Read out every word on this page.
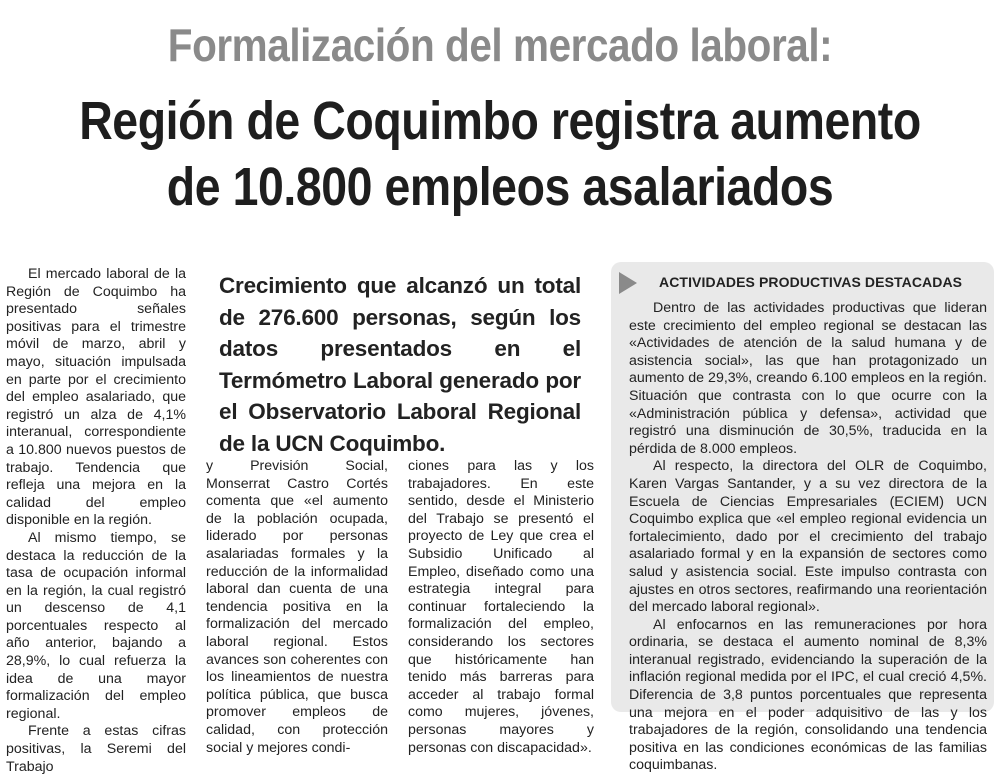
Formalización del mercado laboral:
Región de Coquimbo registra aumento
de 10.800 empleos asalariados

El mercado laboral de la Región de Coquimbo ha presentado señales positivas para el trimestre móvil de marzo, abril y mayo, situación impulsada en parte por el crecimiento del empleo asalariado, que registró un alza de 4,1% interanual, correspondiente a 10.800 nuevos puestos de trabajo. Tendencia que refleja una mejora en la calidad del empleo disponible en la región.

Al mismo tiempo, se destaca la reducción de la tasa de ocupación informal en la región, la cual registró un descenso de 4,1 porcentuales respecto al año anterior, bajando a 28,9%, lo cual refuerza la idea de una mayor formalización del empleo regional.

Frente a estas cifras positivas, la Seremi del Trabajo

Crecimiento que alcanzó un total de 276.600 personas, según los datos presentados en el Termómetro Laboral generado por el Observatorio Laboral Regional de la UCN Coquimbo.
y Previsión Social, Monserrat Castro Cortés comenta que «el aumento de la población ocupada, liderado por personas asalariadas formales y la reducción de la informalidad laboral dan cuenta de una tendencia positiva en la formalización del mercado laboral regional. Estos avances son coherentes con los lineamientos de nuestra política pública, que busca promover empleos de calidad, con protección social y mejores condi-
ciones para las y los trabajadores. En este sentido, desde el Ministerio del Trabajo se presentó el proyecto de Ley que crea el Subsidio Unificado al Empleo, diseñado como una estrategia integral para continuar fortaleciendo la formalización del empleo, considerando los sectores que históricamente han tenido más barreras para acceder al trabajo formal como mujeres, jóvenes, personas mayores y personas con discapacidad».
ACTIVIDADES PRODUCTIVAS DESTACADAS

Dentro de las actividades productivas que lideran este crecimiento del empleo regional se destacan las «Actividades de atención de la salud humana y de asistencia social», las que han protagonizado un aumento de 29,3%, creando 6.100 empleos en la región. Situación que contrasta con lo que ocurre con la «Administración pública y defensa», actividad que registró una disminución de 30,5%, traducida en la pérdida de 8.000 empleos.

Al respecto, la directora del OLR de Coquimbo, Karen Vargas Santander, y a su vez directora de la Escuela de Ciencias Empresariales (ECIEM) UCN Coquimbo explica que «el empleo regional evidencia un fortalecimiento, dado por el crecimiento del trabajo asalariado formal y en la expansión de sectores como salud y asistencia social. Este impulso contrasta con ajustes en otros sectores, reafirmando una reorientación del mercado laboral regional».

Al enfocarnos en las remuneraciones por hora ordinaria, se destaca el aumento nominal de 8,3% interanual registrado, evidenciando la superación de la inflación regional medida por el IPC, el cual creció 4,5%. Diferencia de 3,8 puntos porcentuales que representa una mejora en el poder adquisitivo de las y los trabajadores de la región, consolidando una tendencia positiva en las condiciones económicas de las familias coquimbanas.
